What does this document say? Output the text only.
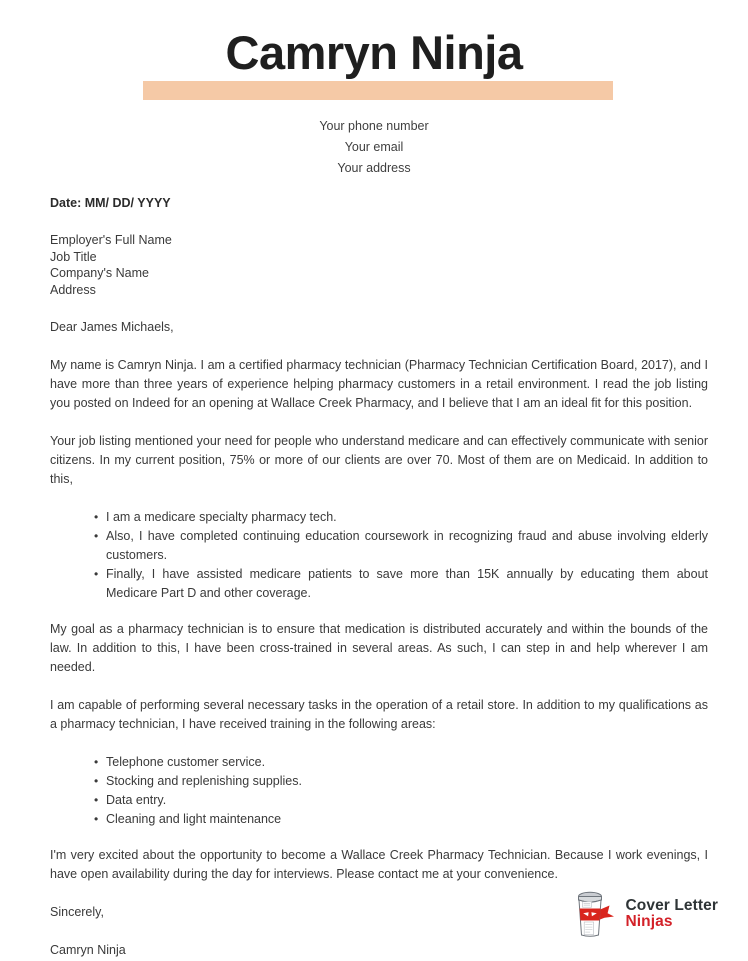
Camryn Ninja
Your phone number
Your email
Your address
Date: MM/ DD/ YYYY
Employer's Full Name
Job Title
Company's Name
Address
Dear James Michaels,

My name is Camryn Ninja. I am a certified pharmacy technician (Pharmacy Technician Certification Board, 2017), and I have more than three years of experience helping pharmacy customers in a retail environment. I read the job listing you posted on Indeed for an opening at Wallace Creek Pharmacy, and I believe that I am an ideal fit for this position.

Your job listing mentioned your need for people who understand medicare and can effectively communicate with senior citizens. In my current position, 75% or more of our clients are over 70. Most of them are on Medicaid. In addition to this,

• I am a medicare specialty pharmacy tech.
• Also, I have completed continuing education coursework in recognizing fraud and abuse involving elderly customers.
• Finally, I have assisted medicare patients to save more than 15K annually by educating them about Medicare Part D and other coverage.

My goal as a pharmacy technician is to ensure that medication is distributed accurately and within the bounds of the law. In addition to this, I have been cross-trained in several areas. As such, I can step in and help wherever I am needed.

I am capable of performing several necessary tasks in the operation of a retail store. In addition to my qualifications as a pharmacy technician, I have received training in the following areas:

• Telephone customer service.
• Stocking and replenishing supplies.
• Data entry.
• Cleaning and light maintenance

I'm very excited about the opportunity to become a Wallace Creek Pharmacy Technician. Because I work evenings, I have open availability during the day for interviews. Please contact me at your convenience.

Sincerely,
Camryn Ninja
Cover Letter
Ninjas
